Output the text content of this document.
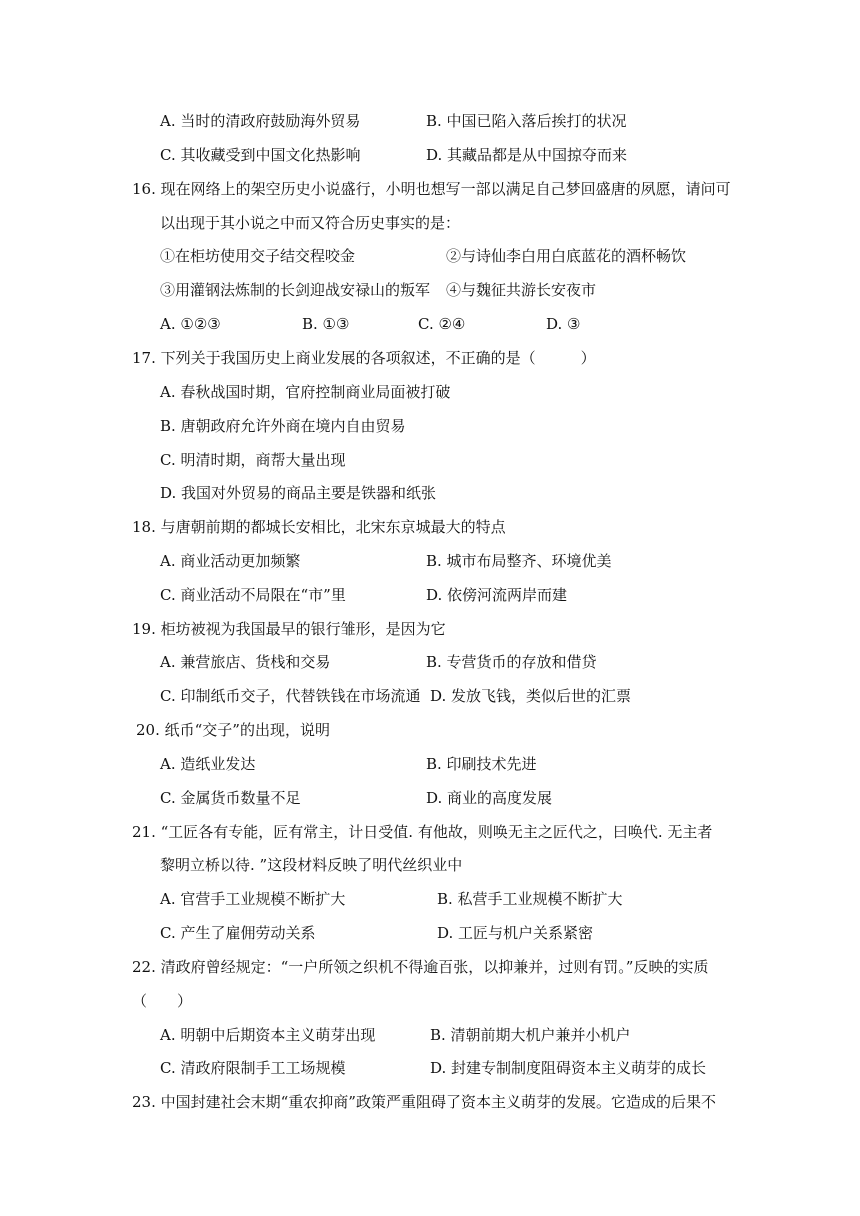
A. 当时的清政府鼓励海外贸易	B. 中国已陷入落后挨打的状况
C. 其收藏受到中国文化热影响	D. 其藏品都是从中国掠夺而来
16. 现在网络上的架空历史小说盛行，小明也想写一部以满足自己梦回盛唐的夙愿，请问可
以出现于其小说之中而又符合历史事实的是：
①在柜坊使用交子结交程咬金	②与诗仙李白用白底蓝花的酒杯畅饮
③用灌钢法炼制的长剑迎战安禄山的叛军 ④与魏征共游长安夜市
A. ①②③	B. ①③	C. ②④	D. ③
17. 下列关于我国历史上商业发展的各项叙述，不正确的是（　　　）
A. 春秋战国时期，官府控制商业局面被打破
B. 唐朝政府允许外商在境内自由贸易
C. 明清时期，商帮大量出现
D. 我国对外贸易的商品主要是铁器和纸张
18. 与唐朝前期的都城长安相比，北宋东京城最大的特点
A. 商业活动更加频繁	B. 城市布局整齐、环境优美
C. 商业活动不局限在“市”里	D. 依傍河流两岸而建
19. 柜坊被视为我国最早的银行雏形，是因为它
A. 兼营旅店、货栈和交易	B. 专营货币的存放和借贷
C. 印制纸币交子，代替铁钱在市场流通 D. 发放飞钱，类似后世的汇票
20. 纸币“交子”的出现，说明
A. 造纸业发达	B. 印刷技术先进
C. 金属货币数量不足	D. 商业的高度发展
21. “工匠各有专能，匠有常主，计日受值. 有他故，则唤无主之匠代之，曰唤代. 无主者
黎明立桥以待. ”这段材料反映了明代丝织业中
A. 官营手工业规模不断扩大	B. 私营手工业规模不断扩大
C. 产生了雇佣劳动关系	D. 工匠与机户关系紧密
22. 清政府曾经规定：“一户所领之织机不得逾百张，以抑兼并，过则有罚。”反映的实质
（　　）
A. 明朝中后期资本主义萌芽出现	B. 清朝前期大机户兼并小机户
C. 清政府限制手工工场规模	D. 封建专制制度阻碍资本主义萌芽的成长
23. 中国封建社会末期“重农抑商”政策严重阻碍了资本主义萌芽的发展。它造成的后果不
